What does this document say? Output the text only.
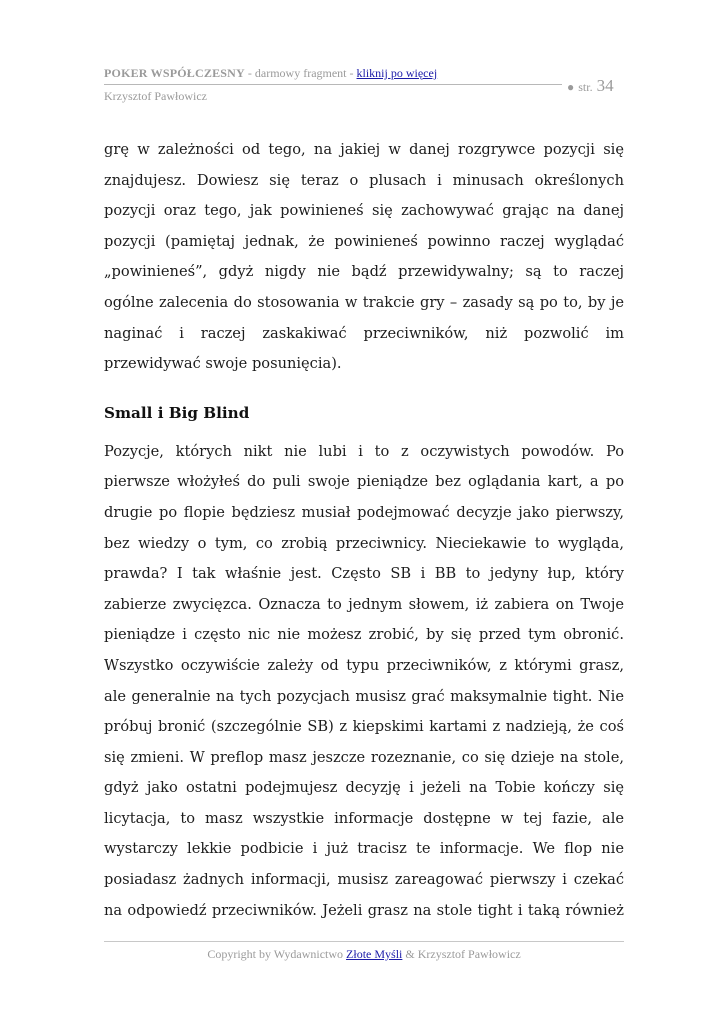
POKER WSPÓŁCZESNY - darmowy fragment - kliknij po więcej
● str. 34
Krzysztof Pawłowicz

grę w zależności od tego, na jakiej w danej rozgrywce pozycji się
znajdujesz. Dowiesz się teraz o plusach i minusach określonych
pozycji oraz tego, jak powinieneś się zachowywać grając na danej
pozycji (pamiętaj jednak, że powinieneś powinno raczej wyglądać
„powinieneś”, gdyż nigdy nie bądź przewidywalny; są to raczej
ogólne zalecenia do stosowania w trakcie gry – zasady są po to, by je
naginać i raczej zaskakiwać przeciwników, niż pozwolić im
przewidywać swoje posunięcia).

Small i Big Blind

Pozycje, których nikt nie lubi i to z oczywistych powodów. Po
pierwsze włożyłeś do puli swoje pieniądze bez oglądania kart, a po
drugie po flopie będziesz musiał podejmować decyzje jako pierwszy,
bez wiedzy o tym, co zrobią przeciwnicy. Nieciekawie to wygląda,
prawda? I tak właśnie jest. Często SB i BB to jedyny łup, który
zabierze zwycięzca. Oznacza to jednym słowem, iż zabiera on Twoje
pieniądze i często nic nie możesz zrobić, by się przed tym obronić.
Wszystko oczywiście zależy od typu przeciwników, z którymi grasz,
ale generalnie na tych pozycjach musisz grać maksymalnie tight. Nie
próbuj bronić (szczególnie SB) z kiepskimi kartami z nadzieją, że coś
się zmieni. W preflop masz jeszcze rozeznanie, co się dzieje na stole,
gdyż jako ostatni podejmujesz decyzję i jeżeli na Tobie kończy się
licytacja, to masz wszystkie informacje dostępne w tej fazie, ale
wystarczy lekkie podbicie i już tracisz te informacje. We flop nie
posiadasz żadnych informacji, musisz zareagować pierwszy i czekać
na odpowiedź przeciwników. Jeżeli grasz na stole tight i taką również

Copyright by Wydawnictwo Złote Myśli & Krzysztof Pawłowicz
